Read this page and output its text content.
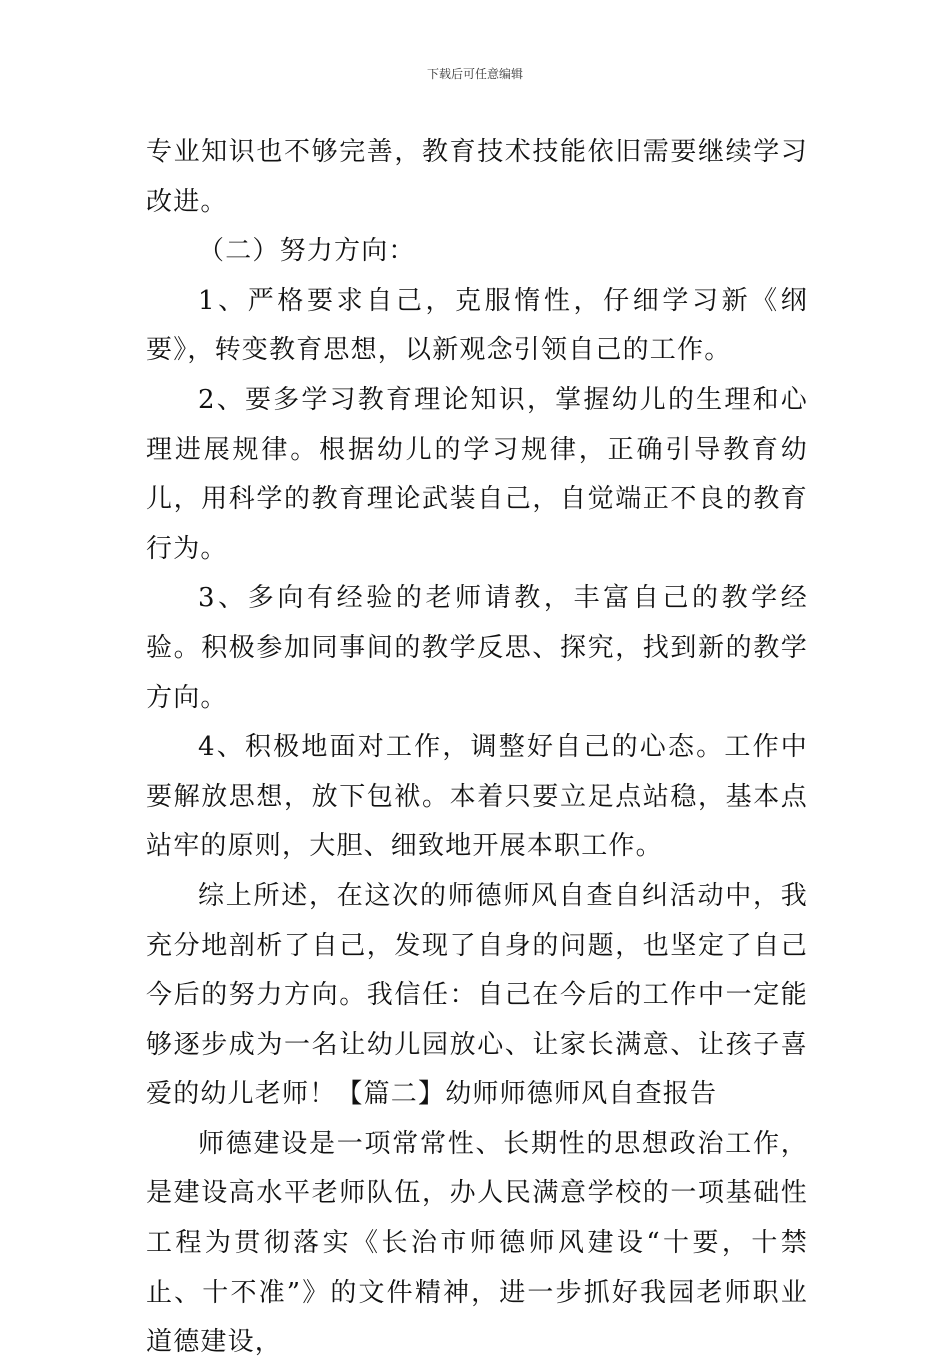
下载后可任意编辑

专业知识也不够完善，教育技术技能依旧需要继续学习改进。

（二）努力方向：

1、严格要求自己，克服惰性，仔细学习新《纲要》，转变教育思想，以新观念引领自己的工作。

2、要多学习教育理论知识，掌握幼儿的生理和心理进展规律。根据幼儿的学习规律，正确引导教育幼儿，用科学的教育理论武装自己，自觉端正不良的教育行为。

3、多向有经验的老师请教，丰富自己的教学经验。积极参加同事间的教学反思、探究，找到新的教学方向。

4、积极地面对工作，调整好自己的心态。工作中要解放思想，放下包袱。本着只要立足点站稳，基本点站牢的原则，大胆、细致地开展本职工作。

综上所述，在这次的师德师风自查自纠活动中，我充分地剖析了自己，发现了自身的问题，也坚定了自己今后的努力方向。我信任：自己在今后的工作中一定能够逐步成为一名让幼儿园放心、让家长满意、让孩子喜爱的幼儿老师！【篇二】幼师师德师风自查报告

师德建设是一项常常性、长期性的思想政治工作，是建设高水平老师队伍，办人民满意学校的一项基础性工程为贯彻落实《长治市师德师风建设“十要，十禁止、十不准”》的文件精神，进一步抓好我园老师职业道德建设，
